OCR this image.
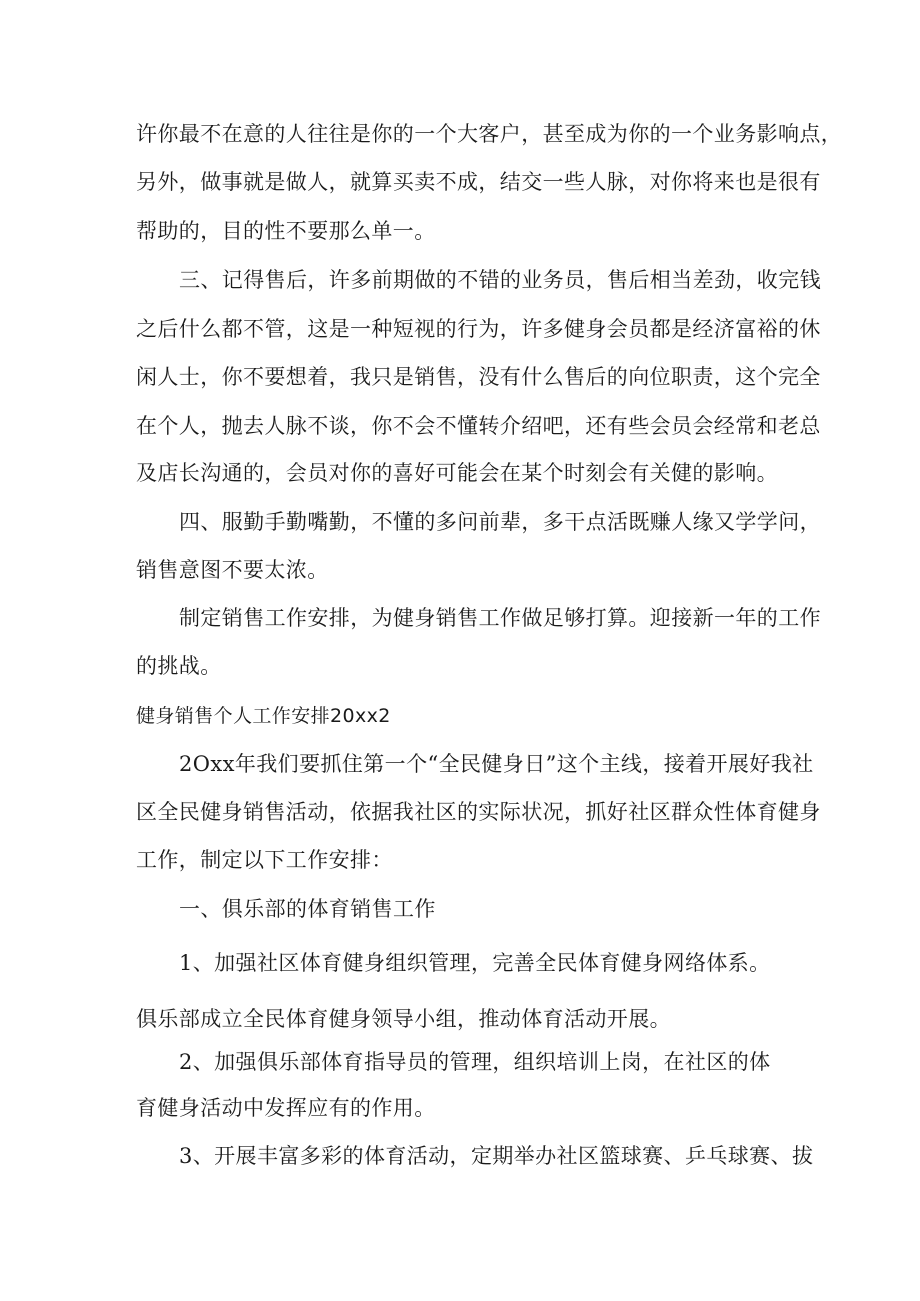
许你最不在意的人往往是你的一个大客户，甚至成为你的一个业务影响点，
另外，做事就是做人，就算买卖不成，结交一些人脉，对你将来也是很有
帮助的，目的性不要那么单一。
三、记得售后，许多前期做的不错的业务员，售后相当差劲，收完钱
之后什么都不管，这是一种短视的行为，许多健身会员都是经济富裕的休
闲人士，你不要想着，我只是销售，没有什么售后的向位职责，这个完全
在个人，抛去人脉不谈，你不会不懂转介绍吧，还有些会员会经常和老总
及店长沟通的，会员对你的喜好可能会在某个时刻会有关健的影响。
四、服勤手勤嘴勤，不懂的多问前辈，多干点活既赚人缘又学学问，
销售意图不要太浓。
制定销售工作安排，为健身销售工作做足够打算。迎接新一年的工作
的挑战。
健身销售个人工作安排20xx2
2Oxx年我们要抓住第一个“全民健身日”这个主线，接着开展好我社
区全民健身销售活动，依据我社区的实际状况，抓好社区群众性体育健身
工作，制定以下工作安排：
一、俱乐部的体育销售工作
1、加强社区体育健身组织管理，完善全民体育健身网络体系。
俱乐部成立全民体育健身领导小组，推动体育活动开展。
2、加强俱乐部体育指导员的管理，组织培训上岗，在社区的体
育健身活动中发挥应有的作用。
3、开展丰富多彩的体育活动，定期举办社区篮球赛、乒乓球赛、拔
